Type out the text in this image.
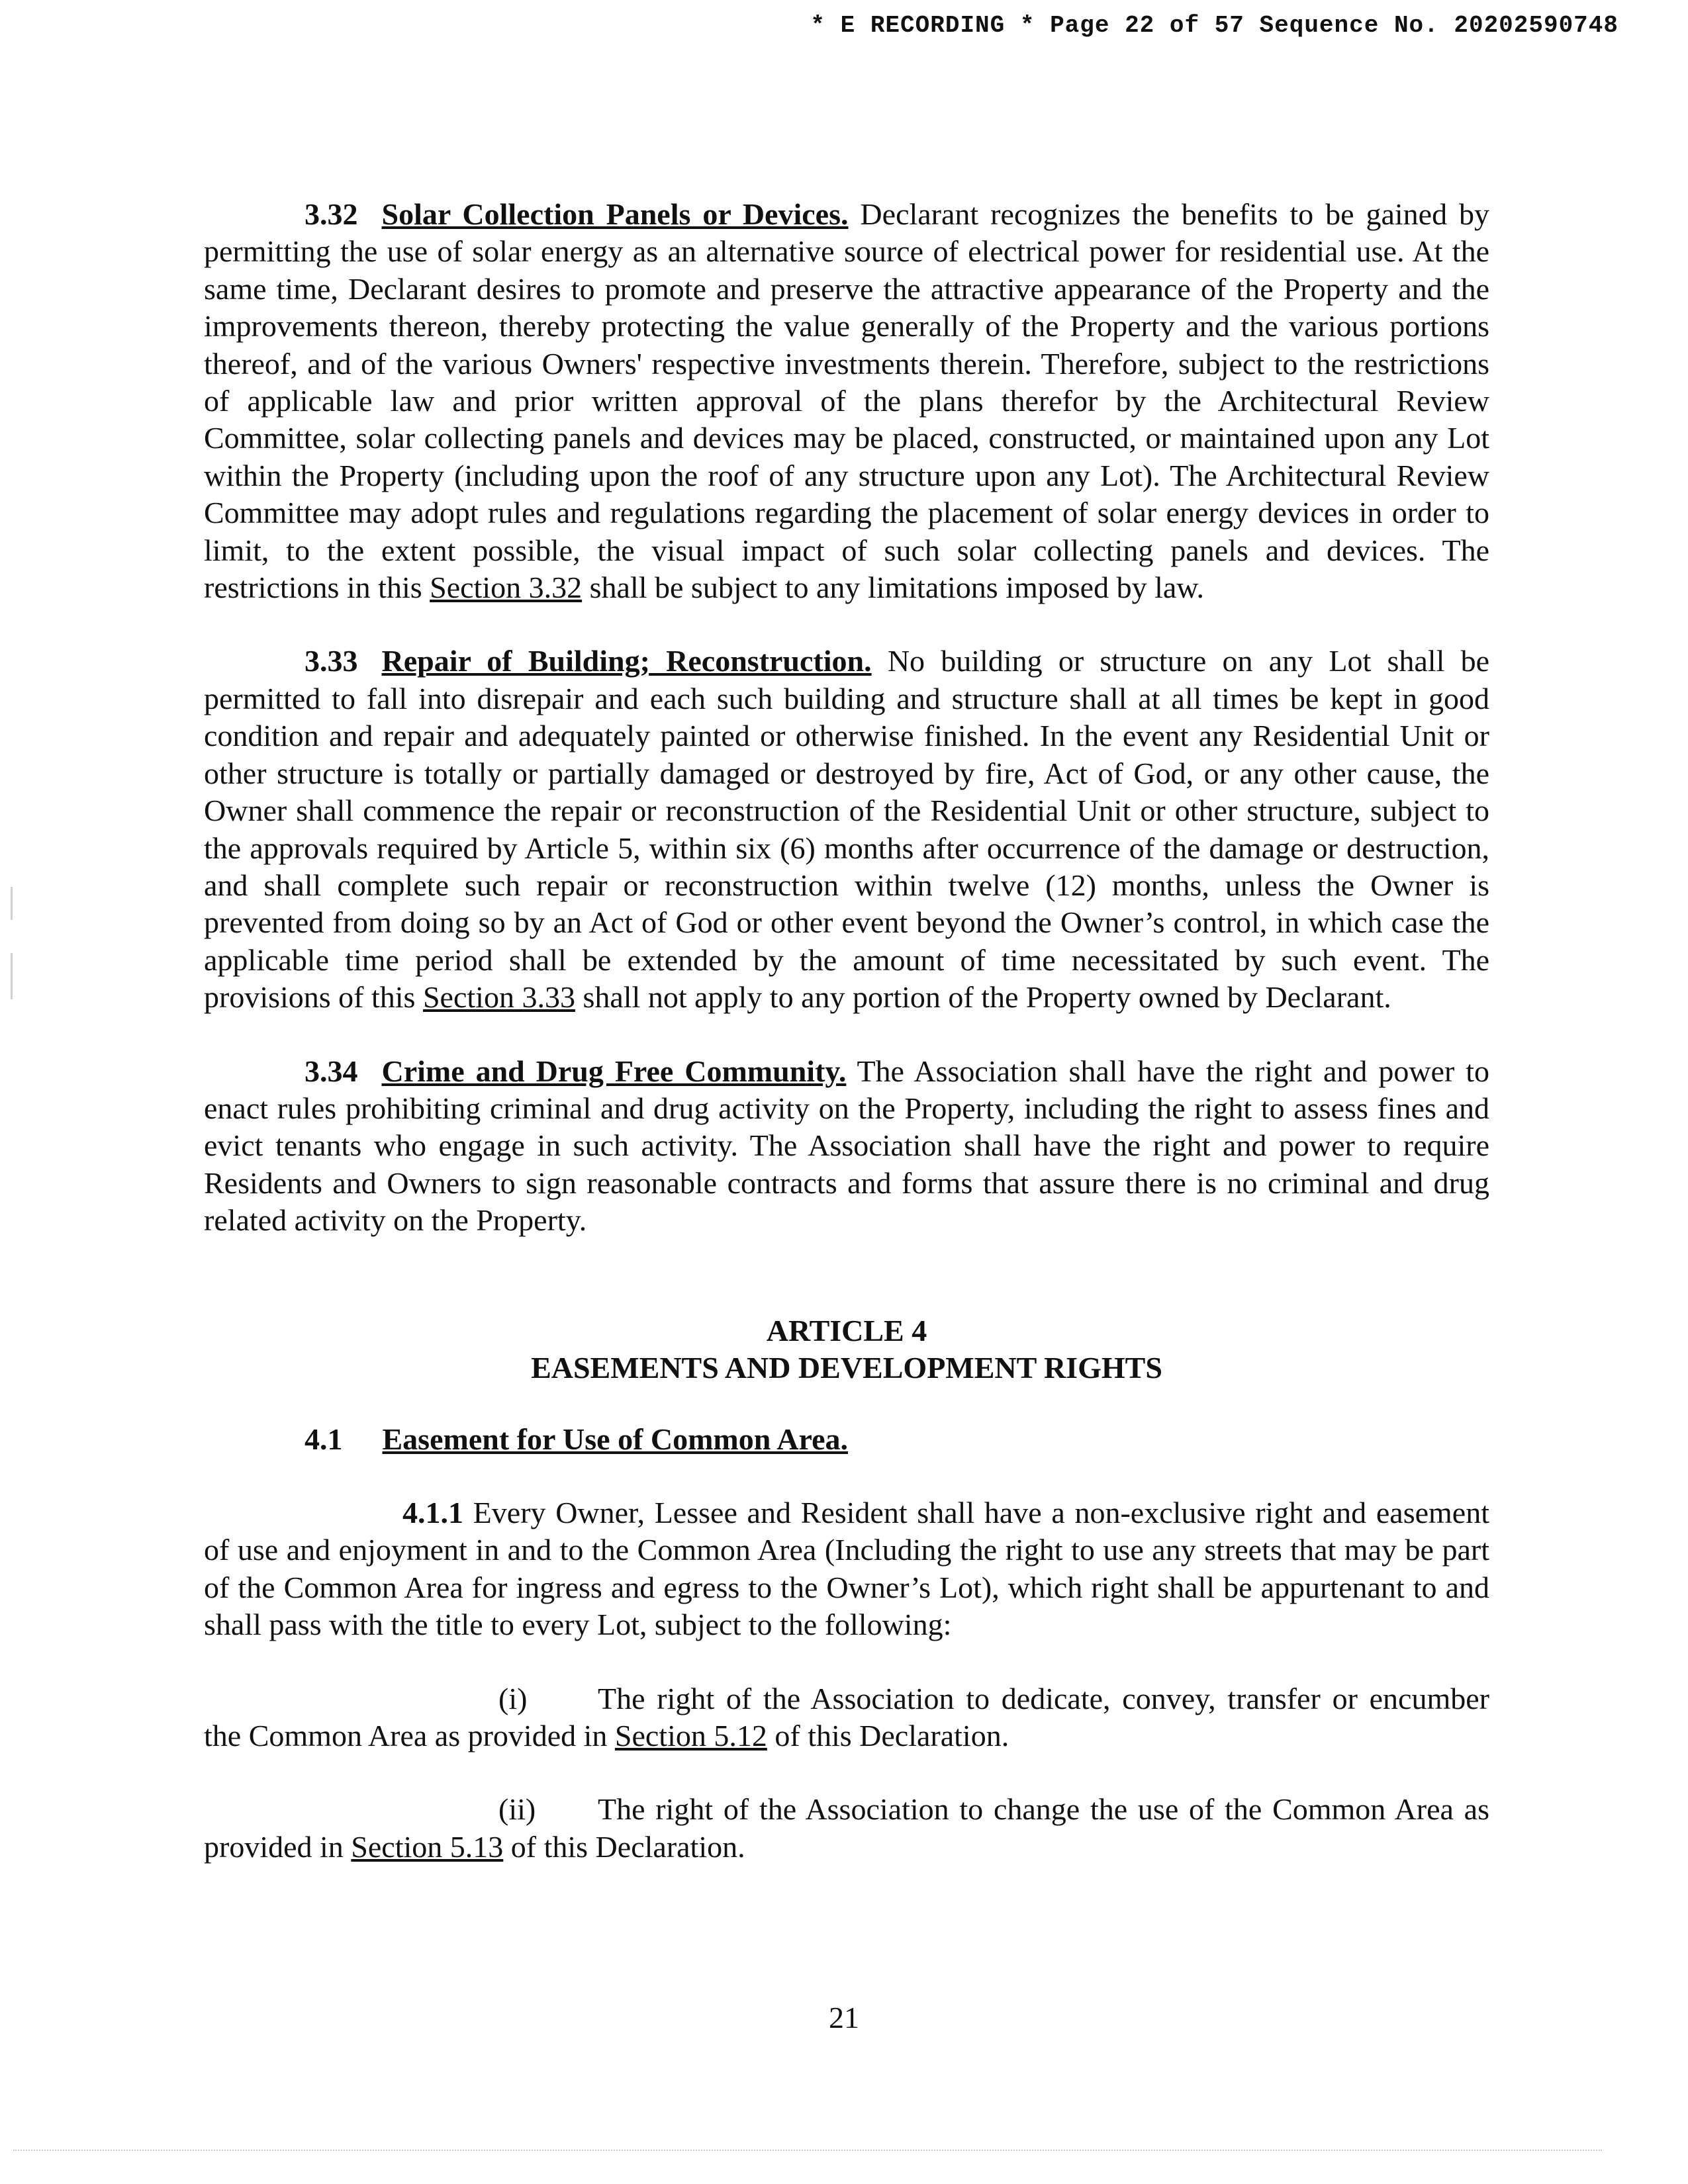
* E RECORDING * Page 22 of 57 Sequence No. 20202590748

3.32 Solar Collection Panels or Devices. Declarant recognizes the benefits to be gained by permitting the use of solar energy as an alternative source of electrical power for residential use. At the same time, Declarant desires to promote and preserve the attractive appearance of the Property and the improvements thereon, thereby protecting the value generally of the Property and the various portions thereof, and of the various Owners' respective investments therein. Therefore, subject to the restrictions of applicable law and prior written approval of the plans therefor by the Architectural Review Committee, solar collecting panels and devices may be placed, constructed, or maintained upon any Lot within the Property (including upon the roof of any structure upon any Lot). The Architectural Review Committee may adopt rules and regulations regarding the placement of solar energy devices in order to limit, to the extent possible, the visual impact of such solar collecting panels and devices. The restrictions in this Section 3.32 shall be subject to any limitations imposed by law.

3.33 Repair of Building; Reconstruction. No building or structure on any Lot shall be permitted to fall into disrepair and each such building and structure shall at all times be kept in good condition and repair and adequately painted or otherwise finished. In the event any Residential Unit or other structure is totally or partially damaged or destroyed by fire, Act of God, or any other cause, the Owner shall commence the repair or reconstruction of the Residential Unit or other structure, subject to the approvals required by Article 5, within six (6) months after occurrence of the damage or destruction, and shall complete such repair or reconstruction within twelve (12) months, unless the Owner is prevented from doing so by an Act of God or other event beyond the Owner’s control, in which case the applicable time period shall be extended by the amount of time necessitated by such event. The provisions of this Section 3.33 shall not apply to any portion of the Property owned by Declarant.

3.34 Crime and Drug Free Community. The Association shall have the right and power to enact rules prohibiting criminal and drug activity on the Property, including the right to assess fines and evict tenants who engage in such activity. The Association shall have the right and power to require Residents and Owners to sign reasonable contracts and forms that assure there is no criminal and drug related activity on the Property.

ARTICLE 4
EASEMENTS AND DEVELOPMENT RIGHTS

4.1 Easement for Use of Common Area.

4.1.1 Every Owner, Lessee and Resident shall have a non-exclusive right and easement of use and enjoyment in and to the Common Area (Including the right to use any streets that may be part of the Common Area for ingress and egress to the Owner’s Lot), which right shall be appurtenant to and shall pass with the title to every Lot, subject to the following:

(i) The right of the Association to dedicate, convey, transfer or encumber the Common Area as provided in Section 5.12 of this Declaration.

(ii) The right of the Association to change the use of the Common Area as provided in Section 5.13 of this Declaration.

21
